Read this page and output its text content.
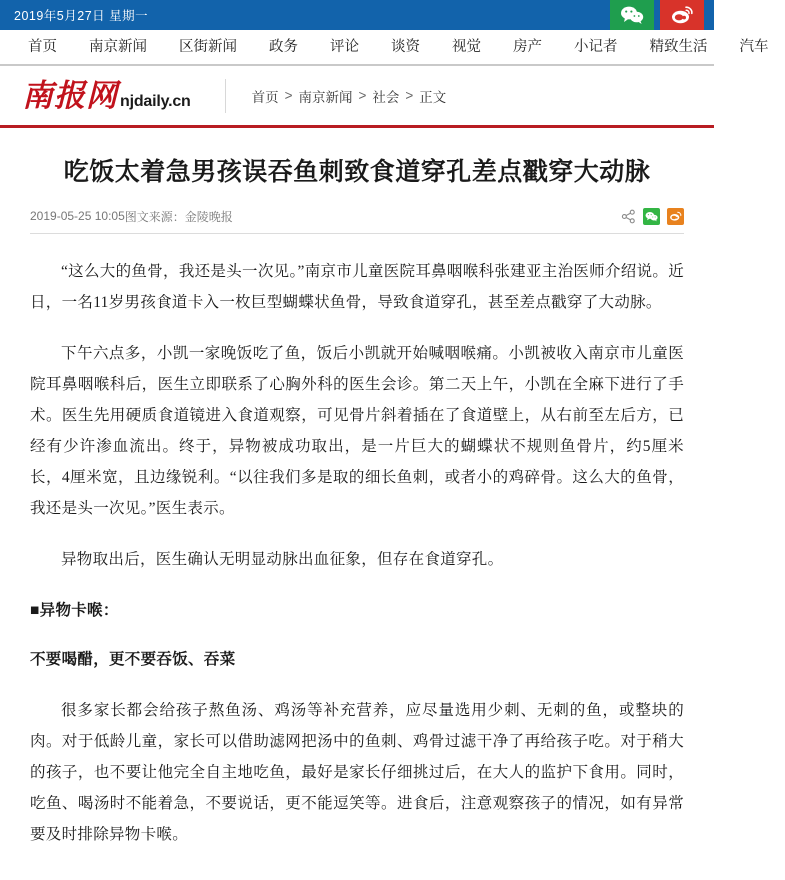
2019年5月27日 星期一
首页	南京新闻	区街新闻	政务	评论	谈资	视觉	房产	小记者	精致生活	汽车
南报网 njdaily.cn	首页 > 南京新闻 > 社会 > 正文
吃饭太着急男孩误吞鱼刺致食道穿孔差点戳穿大动脉
2019-05-25 10:05 图文来源：金陵晚报

“这么大的鱼骨，我还是头一次见。”南京市儿童医院耳鼻咽喉科张建亚主治医师介绍说。近日，一名11岁男孩食道卡入一枚巨型蝴蝶状鱼骨，导致食道穿孔，甚至差点戳穿了大动脉。

下午六点多，小凯一家晚饭吃了鱼，饭后小凯就开始喊咽喉痛。小凯被收入南京市儿童医院耳鼻咽喉科后，医生立即联系了心胸外科的医生会诊。第二天上午，小凯在全麻下进行了手术。医生先用硬质食道镜进入食道观察，可见骨片斜着插在了食道壁上，从右前至左后方，已经有少许渗血流出。终于，异物被成功取出，是一片巨大的蝴蝶状不规则鱼骨片，约5厘米长，4厘米宽，且边缘锐利。“以往我们多是取的细长鱼刺，或者小的鸡碎骨。这么大的鱼骨，我还是头一次见。”医生表示。

异物取出后，医生确认无明显动脉出血征象，但存在食道穿孔。

■异物卡喉：

不要喝醋，更不要吞饭、吞菜

很多家长都会给孩子熬鱼汤、鸡汤等补充营养，应尽量选用少刺、无刺的鱼，或整块的肉。对于低龄儿童，家长可以借助滤网把汤中的鱼刺、鸡骨过滤干净了再给孩子吃。对于稍大的孩子，也不要让他完全自主地吃鱼，最好是家长仔细挑过后，在大人的监护下食用。同时，吃鱼、喝汤时不能着急，不要说话，更不能逗笑等。进食后，注意观察孩子的情况，如有异常要及时排除异物卡喉。
